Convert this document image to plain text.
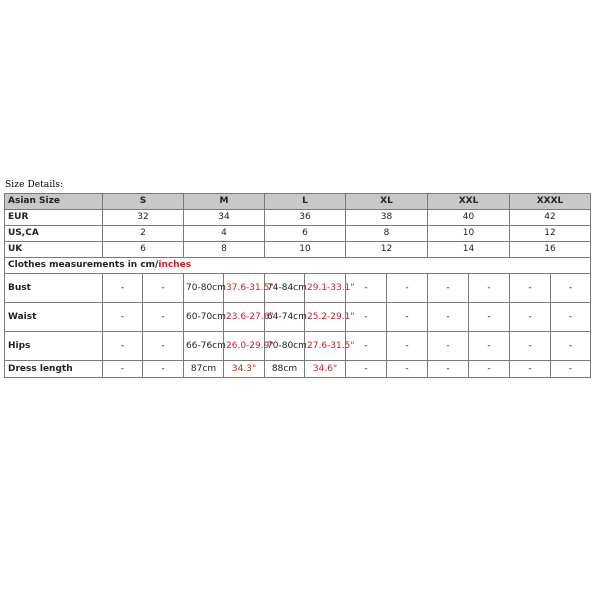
Size Details:
Asian Size	S		M		L		XL		XXL		XXXL	
EUR	32		34		36		38		40		42	
US,CA	2		4		6		8		10		12	
UK	6		8		10		12		14		16	
Clothes measurements in cm/inches												
Bust	-	-	70-80cm	37.6-31.5"	74-84cm	29.1-33.1"	-	-	-	-	-	-
Waist	-	-	60-70cm	23.6-27.6"	64-74cm	25.2-29.1"	-	-	-	-	-	-
Hips	-	-	66-76cm	26.0-29.9"	70-80cm	27.6-31.5"	-	-	-	-	-	-
Dress length	-	-	87cm	34.3"	88cm	34.6"	-	-	-	-	-	-
